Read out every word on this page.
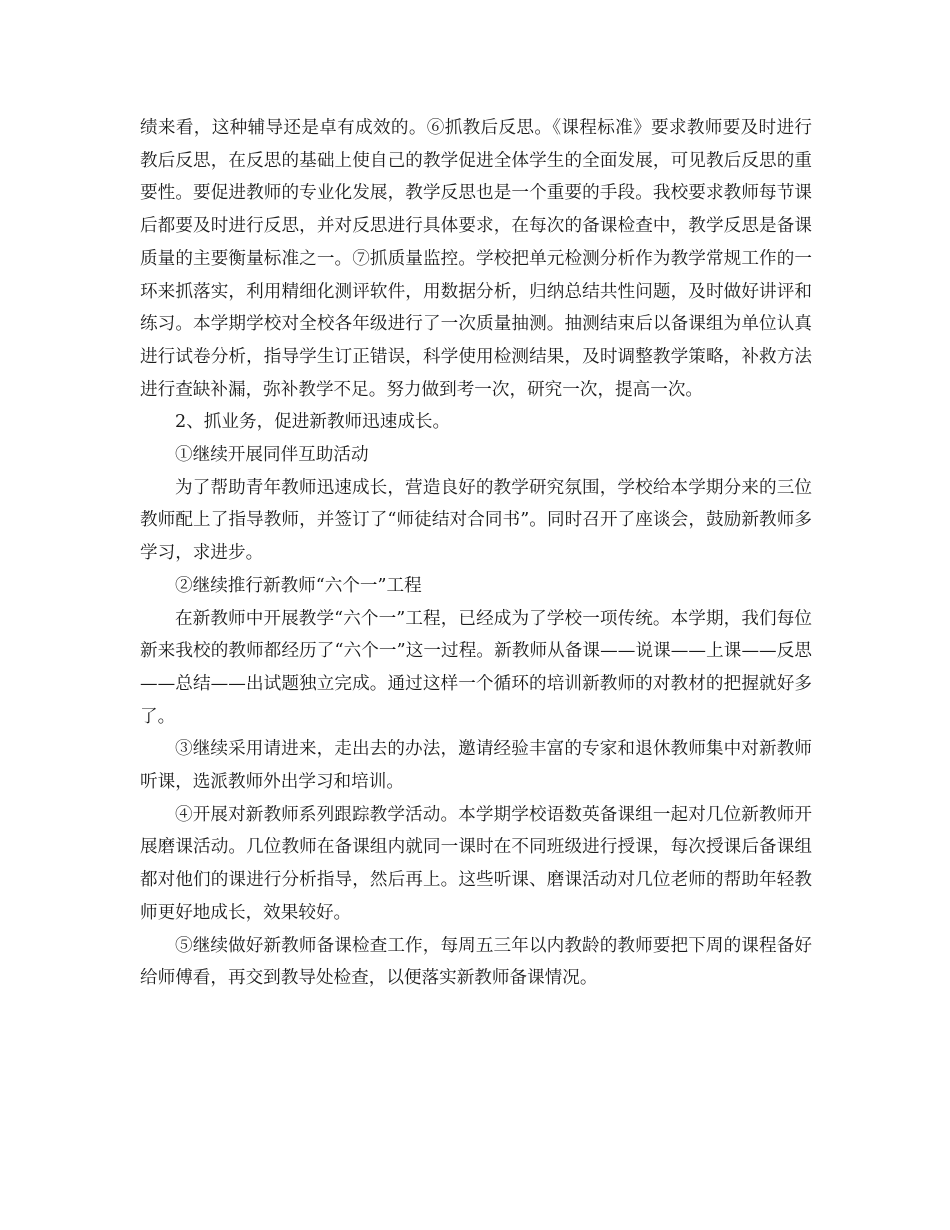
绩来看，这种辅导还是卓有成效的。⑥抓教后反思。《课程标准》要求教师要及时进行教后反思，在反思的基础上使自己的教学促进全体学生的全面发展，可见教后反思的重要性。要促进教师的专业化发展，教学反思也是一个重要的手段。我校要求教师每节课后都要及时进行反思，并对反思进行具体要求，在每次的备课检查中，教学反思是备课质量的主要衡量标准之一。⑦抓质量监控。学校把单元检测分析作为教学常规工作的一环来抓落实，利用精细化测评软件，用数据分析，归纳总结共性问题，及时做好讲评和练习。本学期学校对全校各年级进行了一次质量抽测。抽测结束后以备课组为单位认真进行试卷分析，指导学生订正错误，科学使用检测结果，及时调整教学策略，补救方法进行查缺补漏，弥补教学不足。努力做到考一次，研究一次，提高一次。

2、抓业务，促进新教师迅速成长。

①继续开展同伴互助活动

为了帮助青年教师迅速成长，营造良好的教学研究氛围，学校给本学期分来的三位教师配上了指导教师，并签订了“师徒结对合同书”。同时召开了座谈会，鼓励新教师多学习，求进步。

②继续推行新教师“六个一”工程

在新教师中开展教学“六个一”工程，已经成为了学校一项传统。本学期，我们每位新来我校的教师都经历了“六个一”这一过程。新教师从备课——说课——上课——反思——总结——出试题独立完成。通过这样一个循环的培训新教师的对教材的把握就好多了。

③继续采用请进来，走出去的办法，邀请经验丰富的专家和退休教师集中对新教师听课，选派教师外出学习和培训。

④开展对新教师系列跟踪教学活动。本学期学校语数英备课组一起对几位新教师开展磨课活动。几位教师在备课组内就同一课时在不同班级进行授课，每次授课后备课组都对他们的课进行分析指导，然后再上。这些听课、磨课活动对几位老师的帮助年轻教师更好地成长，效果较好。

⑤继续做好新教师备课检查工作，每周五三年以内教龄的教师要把下周的课程备好给师傅看，再交到教导处检查，以便落实新教师备课情况。
